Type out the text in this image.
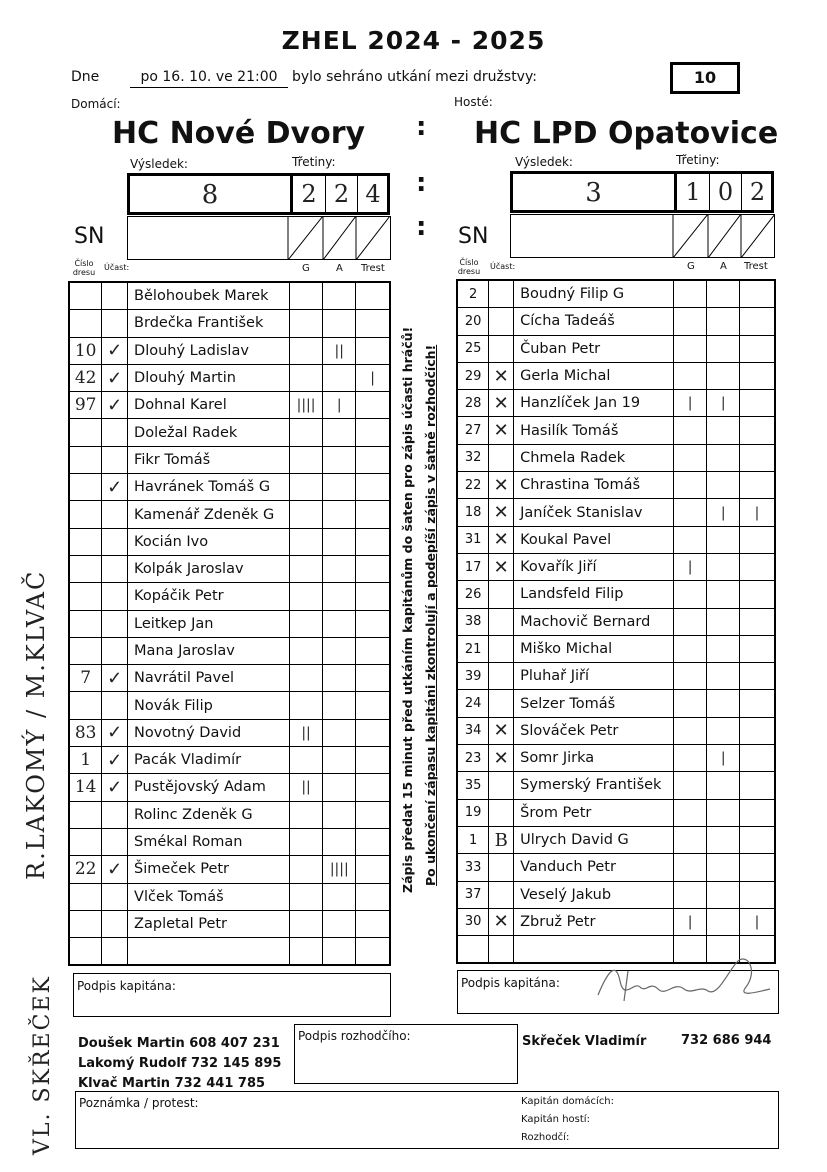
ZHEL 2024 - 2025
Dne	po 16. 10. ve 21:00	bylo sehráno utkání mezi družstvy:	10
Domácí:	Hosté:
HC Nové Dvory	HC LPD Opatovice
:
:
:
Výsledek:	Třetiny:
8	2 2 4
Výsledek:	Třetiny:
3	1 0 2
SN	SN
Číslo dresu
Účast:	G	A Trest
Číslo dresu
Účast:	G	A Trest
		Bělohoubek Marek			
		Brdečka František			
10	✓	Dlouhý Ladislav		||	
42	✓	Dlouhý Martin			|
97	✓	Dohnal Karel	||||	|	
		Doležal Radek			
		Fikr Tomáš			
	✓	Havránek Tomáš G			
		Kamenář Zdeněk G			
		Kocián Ivo			
		Kolpák Jaroslav			
		Kopáčik Petr			
		Leitkep Jan			
		Mana Jaroslav			
7	✓	Navrátil Pavel			
		Novák Filip			
83	✓	Novotný David	||		
1	✓	Pacák Vladimír			
14	✓	Pustějovský Adam	||		
		Rolinc Zdeněk G			
		Smékal Roman			
22	✓	Šimeček Petr		||||	
		Vlček Tomáš			
		Zapletal Petr			

2		Boudný Filip G			
20		Cícha Tadeáš			
25		Čuban Petr			
29	✕	Gerla Michal			
28	✕	Hanzlíček Jan 19	|	|	
27	✕	Hasilík Tomáš			
32		Chmela Radek			
22	✕	Chrastina Tomáš			
18	✕	Janíček Stanislav		|	|
31	✕	Koukal Pavel			
17	✕	Kovařík Jiří	|		
26		Landsfeld Filip			
38		Machovič Bernard			
21		Miško Michal			
39		Pluhař Jiří			
24		Selzer Tomáš			
34	✕	Slováček Petr			
23	✕	Somr Jirka		|	
35		Symerský František			
19		Šrom Petr			
1	B	Ulrych David G			
33		Vanduch Petr			
37		Veselý Jakub			
30	✕	Zbruž Petr	|		|

Zápis předat 15 minut před utkáním kapitánům do šaten pro zápis účasti hráčů! Po ukončení zápasu kapitáni zkontrolují a podepíší zápis v šatně rozhodčích!
R.LAKOMÝ / M.KLVAČ
VL. SKŘEČEK Podpis kapitána:	Podpis kapitána:
Doušek Martin 608 407 231
Lakomý Rudolf 732 145 895
Klvač Martin 732 441 785
Podpis rozhodčího:	Skřeček Vladimír	732 686 944
Poznámka / protest:	Kapitán domácích:
Kapitán hostí:
Rozhodčí:
